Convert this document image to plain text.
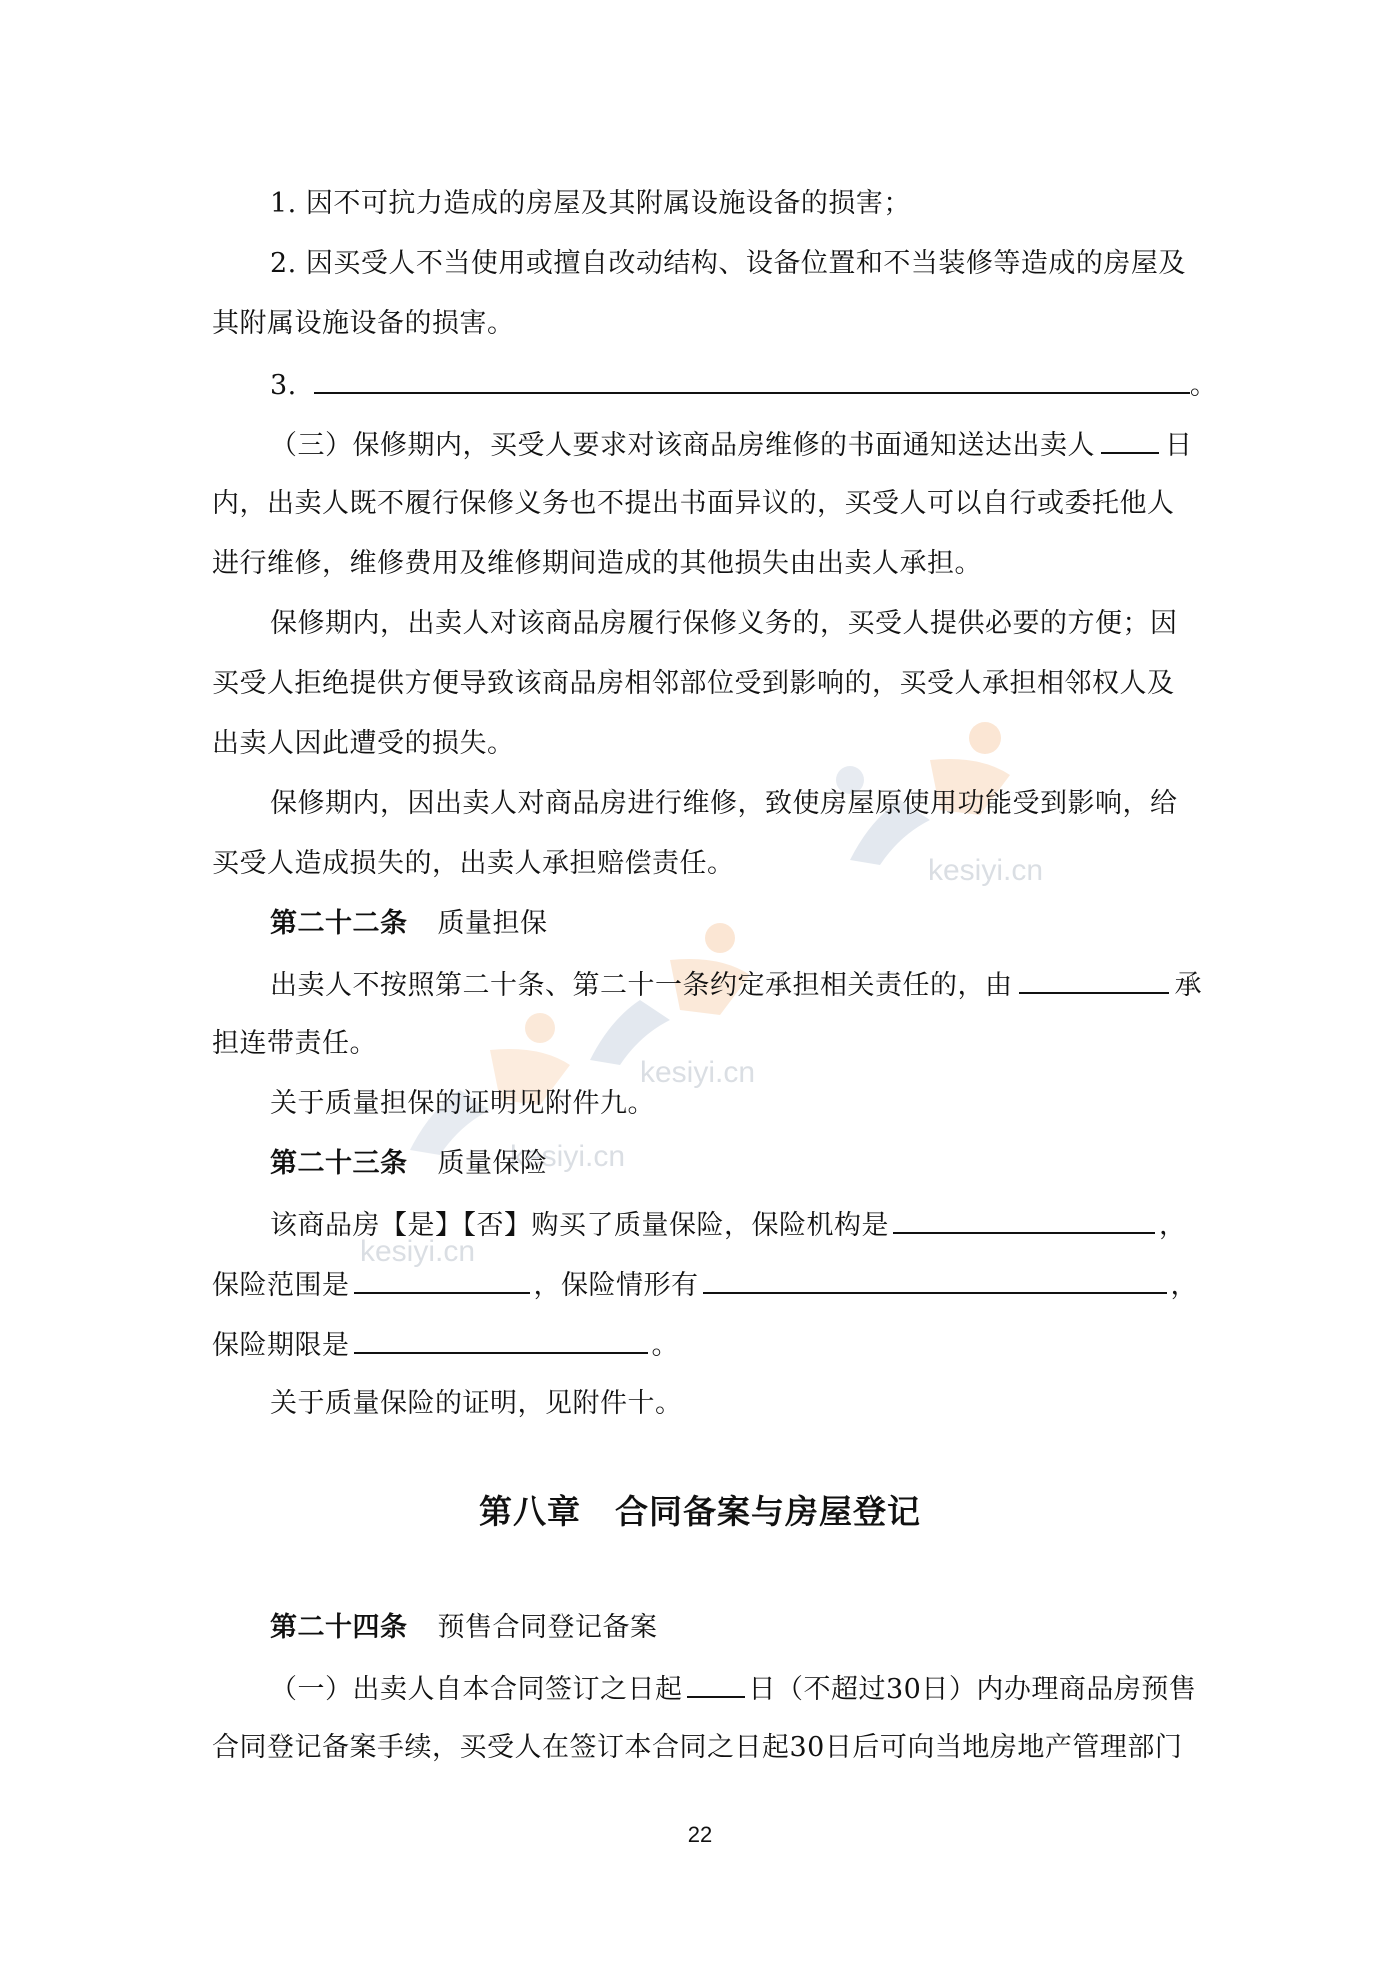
kesiyi.cn
kesiyi.cn
kesiyi.cn
kesiyi.cn
1. 因不可抗力造成的房屋及其附属设施设备的损害；
2. 因买受人不当使用或擅自改动结构、设备位置和不当装修等造成的房屋及
其附属设施设备的损害。
3.	。
（三）保修期内，买受人要求对该商品房维修的书面通知送达出卖人	日
内，出卖人既不履行保修义务也不提出书面异议的，买受人可以自行或委托他人
进行维修，维修费用及维修期间造成的其他损失由出卖人承担。
保修期内，出卖人对该商品房履行保修义务的，买受人提供必要的方便；因
买受人拒绝提供方便导致该商品房相邻部位受到影响的，买受人承担相邻权人及
出卖人因此遭受的损失。
保修期内，因出卖人对商品房进行维修，致使房屋原使用功能受到影响，给
买受人造成损失的，出卖人承担赔偿责任。
第二十二条 质量担保
出卖人不按照第二十条、第二十一条约定承担相关责任的，由	承
担连带责任。
关于质量担保的证明见附件九。
第二十三条 质量保险
该商品房【是】【否】购买了质量保险，保险机构是	，
保险范围是	，保险情形有	，
保险期限是	。
关于质量保险的证明，见附件十。
第八章　合同备案与房屋登记
第二十四条 预售合同登记备案
（一）出卖人自本合同签订之日起 日（不超过30日）内办理商品房预售
合同登记备案手续，买受人在签订本合同之日起30日后可向当地房地产管理部门
22
